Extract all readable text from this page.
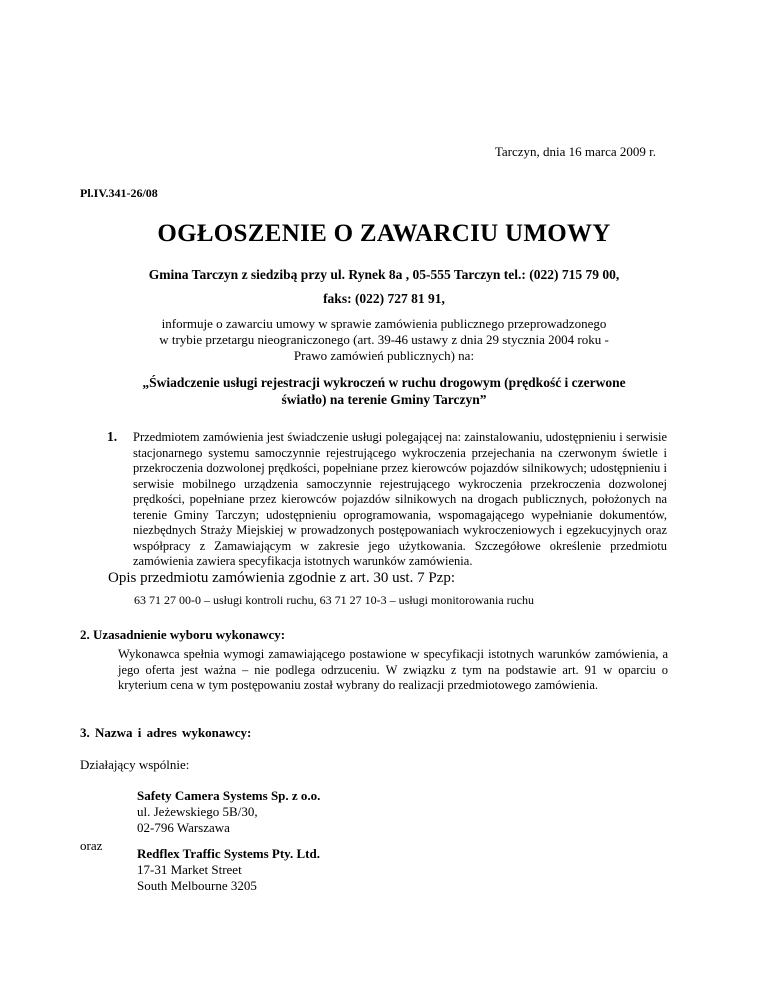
Tarczyn, dnia 16 marca 2009 r.
Pl.IV.341-26/08
OGŁOSZENIE O ZAWARCIU UMOWY
Gmina Tarczyn z siedzibą przy ul. Rynek 8a , 05-555 Tarczyn tel.: (022) 715 79 00,
faks: (022) 727 81 91,
informuje o zawarciu umowy w sprawie zamówienia publicznego przeprowadzonego
w trybie przetargu nieograniczonego (art. 39-46 ustawy z dnia 29 stycznia 2004 roku -
Prawo zamówień publicznych) na:
„Świadczenie usługi rejestracji wykroczeń w ruchu drogowym (prędkość i czerwone
światło) na terenie Gminy Tarczyn”
1. Przedmiotem zamówienia jest świadczenie usługi polegającej na: zainstalowaniu, udostępnieniu i serwisie stacjonarnego systemu samoczynnie rejestrującego wykroczenia przejechania na czerwonym świetle i przekroczenia dozwolonej prędkości, popełniane przez kierowców pojazdów silnikowych; udostępnieniu i serwisie mobilnego urządzenia samoczynnie rejestrującego wykroczenia przekroczenia dozwolonej prędkości, popełniane przez kierowców pojazdów silnikowych na drogach publicznych, położonych na terenie Gminy Tarczyn; udostępnieniu oprogramowania, wspomagającego wypełnianie dokumentów, niezbędnych Straży Miejskiej w prowadzonych postępowaniach wykroczeniowych i egzekucyjnych oraz współpracy z Zamawiającym w zakresie jego użytkowania. Szczegółowe określenie przedmiotu zamówienia zawiera specyfikacja istotnych warunków zamówienia.
Opis przedmiotu zamówienia zgodnie z art. 30 ust. 7 Pzp:
63 71 27 00-0 – usługi kontroli ruchu, 63 71 27 10-3 – usługi monitorowania ruchu
2. Uzasadnienie wyboru wykonawcy:
Wykonawca spełnia wymogi zamawiającego postawione w specyfikacji istotnych warunków zamówienia, a jego oferta jest ważna – nie podlega odrzuceniu. W związku z tym na podstawie art. 91 w oparciu o kryterium cena w tym postępowaniu został wybrany do realizacji przedmiotowego zamówienia.
3. Nazwa i adres wykonawcy:
Działający wspólnie:
Safety Camera Systems Sp. z o.o.
ul. Jeżewskiego 5B/30,
02-796 Warszawa
oraz
Redflex Traffic Systems Pty. Ltd.
17-31 Market Street
South Melbourne 3205
